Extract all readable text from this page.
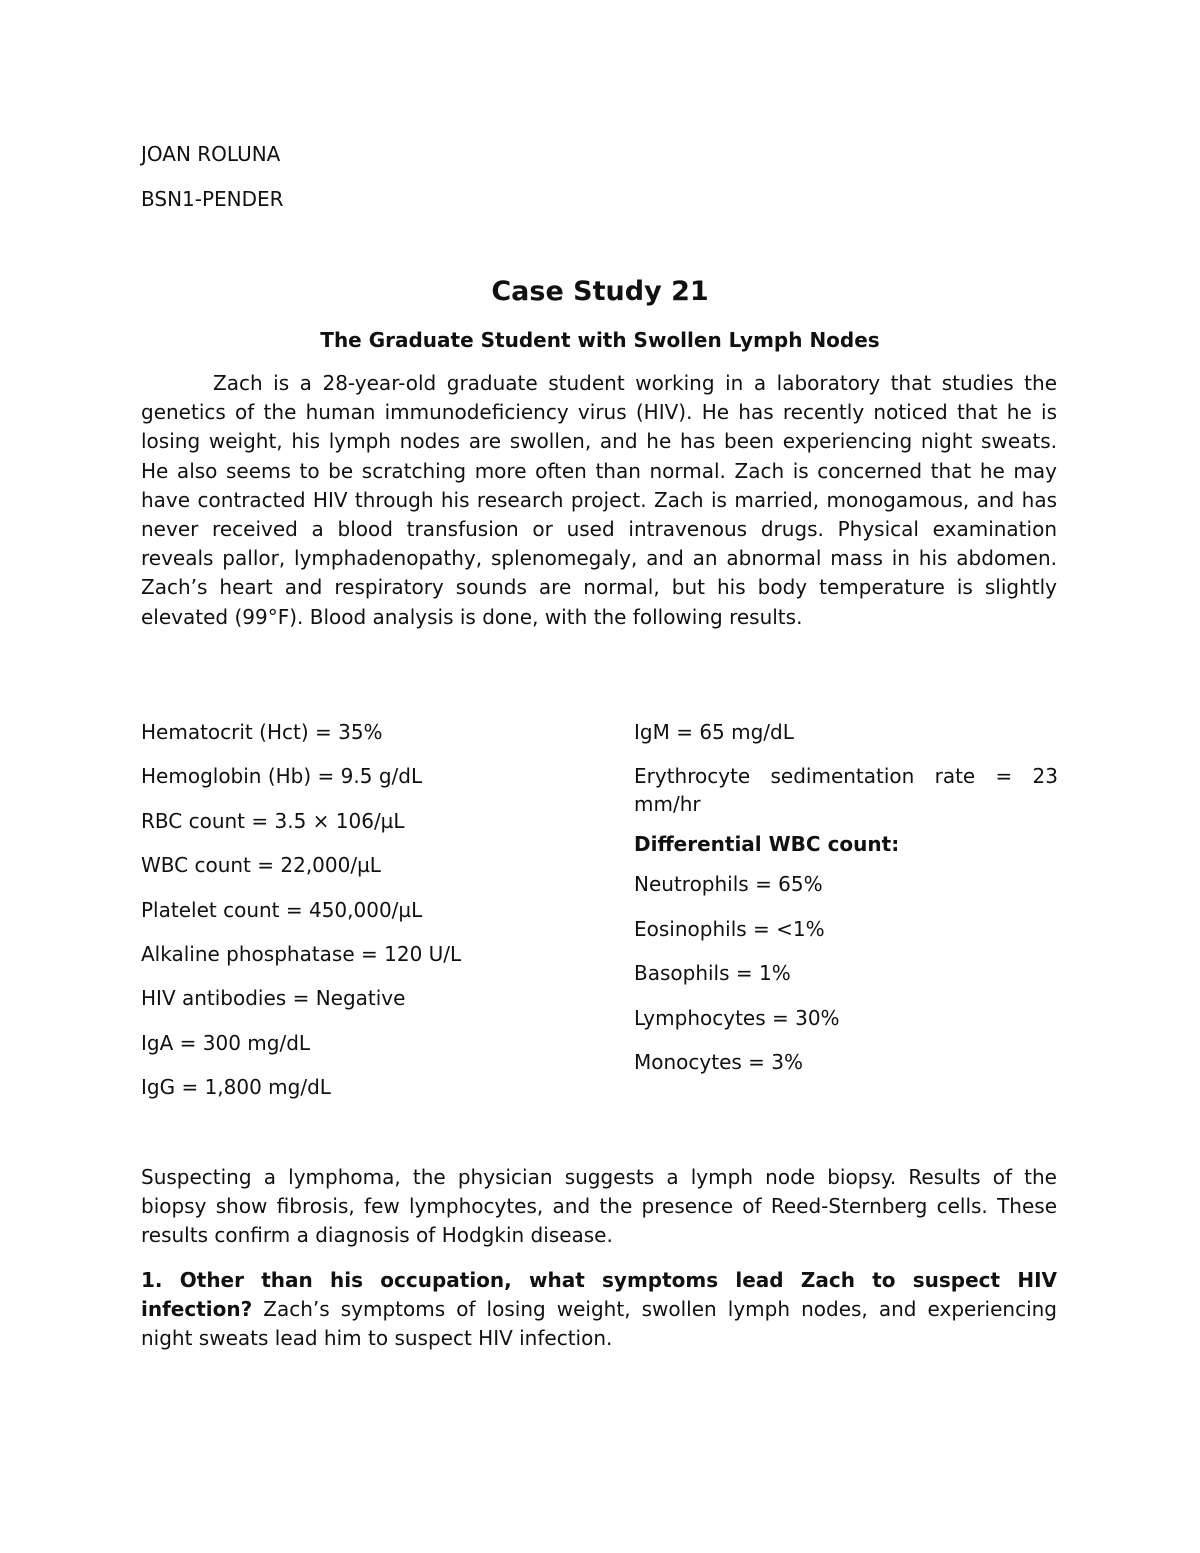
JOAN ROLUNA
BSN1-PENDER
Case Study 21
The Graduate Student with Swollen Lymph Nodes

Zach is a 28-year-old graduate student working in a laboratory that studies the genetics of the human immunodeficiency virus (HIV). He has recently noticed that he is losing weight, his lymph nodes are swollen, and he has been experiencing night sweats. He also seems to be scratching more often than normal. Zach is concerned that he may have contracted HIV through his research project. Zach is married, monogamous, and has never received a blood transfusion or used intravenous drugs. Physical examination reveals pallor, lymphadenopathy, splenomegaly, and an abnormal mass in his abdomen. Zach’s heart and respiratory sounds are normal, but his body temperature is slightly elevated (99°F). Blood analysis is done, with the following results.

Hematocrit (Hct) = 35%
Hemoglobin (Hb) = 9.5 g/dL
RBC count = 3.5 × 106/µL
WBC count = 22,000/µL
Platelet count = 450,000/µL
Alkaline phosphatase = 120 U/L
HIV antibodies = Negative
IgA = 300 mg/dL
IgG = 1,800 mg/dL
IgM = 65 mg/dL
Erythrocyte sedimentation rate = 23 mm/hr
Differential WBC count:
Neutrophils = 65%
Eosinophils = <1%
Basophils = 1%
Lymphocytes = 30%
Monocytes = 3%

Suspecting a lymphoma, the physician suggests a lymph node biopsy. Results of the biopsy show fibrosis, few lymphocytes, and the presence of Reed-Sternberg cells. These results confirm a diagnosis of Hodgkin disease.

1. Other than his occupation, what symptoms lead Zach to suspect HIV infection? Zach’s symptoms of losing weight, swollen lymph nodes, and experiencing night sweats lead him to suspect HIV infection.
